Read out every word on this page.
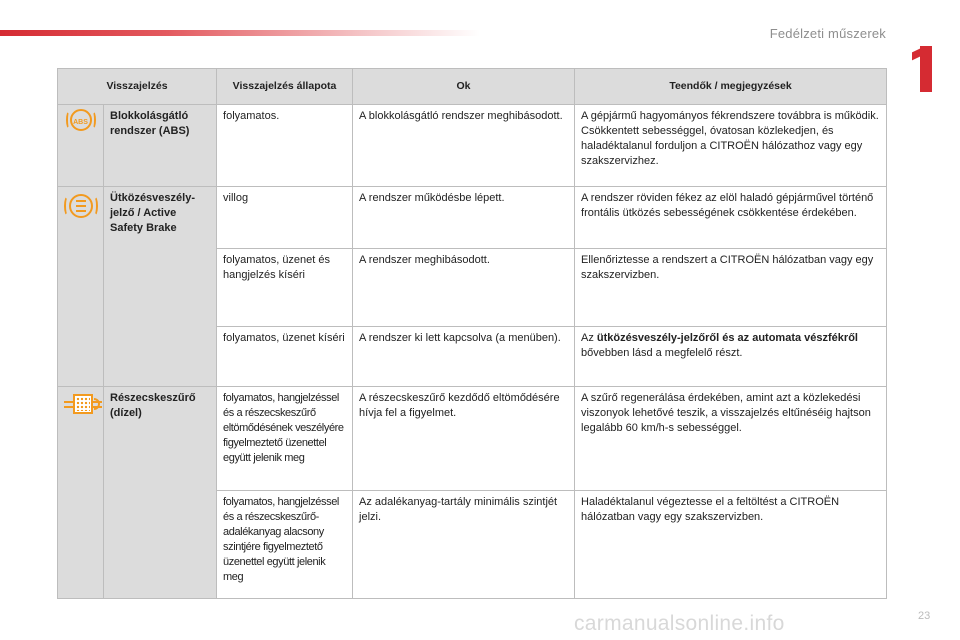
Fedélzeti műszerek
Visszajelzés		Visszajelzés állapota	Ok	Teendők / megjegyzések

ABS	Blokkolásgátló rendszer (ABS)	folyamatos.	A blokkolásgátló rendszer meghibásodott.	A gépjármű hagyományos fékrendszere továbbra is működik. Csökkentett sebességgel, óvatosan közlekedjen, és haladéktalanul forduljon a CITROËN hálózathoz vagy egy szakszervizhez.

	Ütközésveszély-jelző / Active Safety Brake	villog	A rendszer működésbe lépett.	A rendszer röviden fékez az elöl haladó gépjárművel történő frontális ütközés sebességének csökkentése érdekében.
		folyamatos, üzenet és hangjelzés kíséri	A rendszer meghibásodott.	Ellenőriztesse a rendszert a CITROËN hálózatban vagy egy szakszervizben.
		folyamatos, üzenet kíséri	A rendszer ki lett kapcsolva (a menüben).	Az ütközésveszély-jelzőről és az automata vészfékről bővebben lásd a megfelelő részt.

	Részecskeszűrő (dízel)	folyamatos, hangjelzéssel és a részecskeszűrő eltömődésének veszélyére figyelmeztető üzenettel együtt jelenik meg	A részecskeszűrő kezdődő eltömődésére hívja fel a figyelmet.	A szűrő regenerálása érdekében, amint azt a közlekedési viszonyok lehetővé teszik, a visszajelzés eltűnéséig hajtson legalább 60 km/h-s sebességgel.
		folyamatos, hangjelzéssel és a részecskeszűrő-adalékanyag alacsony szintjére figyelmeztető üzenettel együtt jelenik meg	Az adalékanyag-tartály minimális szintjét jelzi.	Haladéktalanul végeztesse el a feltöltést a CITROËN hálózatban vagy egy szakszervizben.
carmanualsonline.info	23
